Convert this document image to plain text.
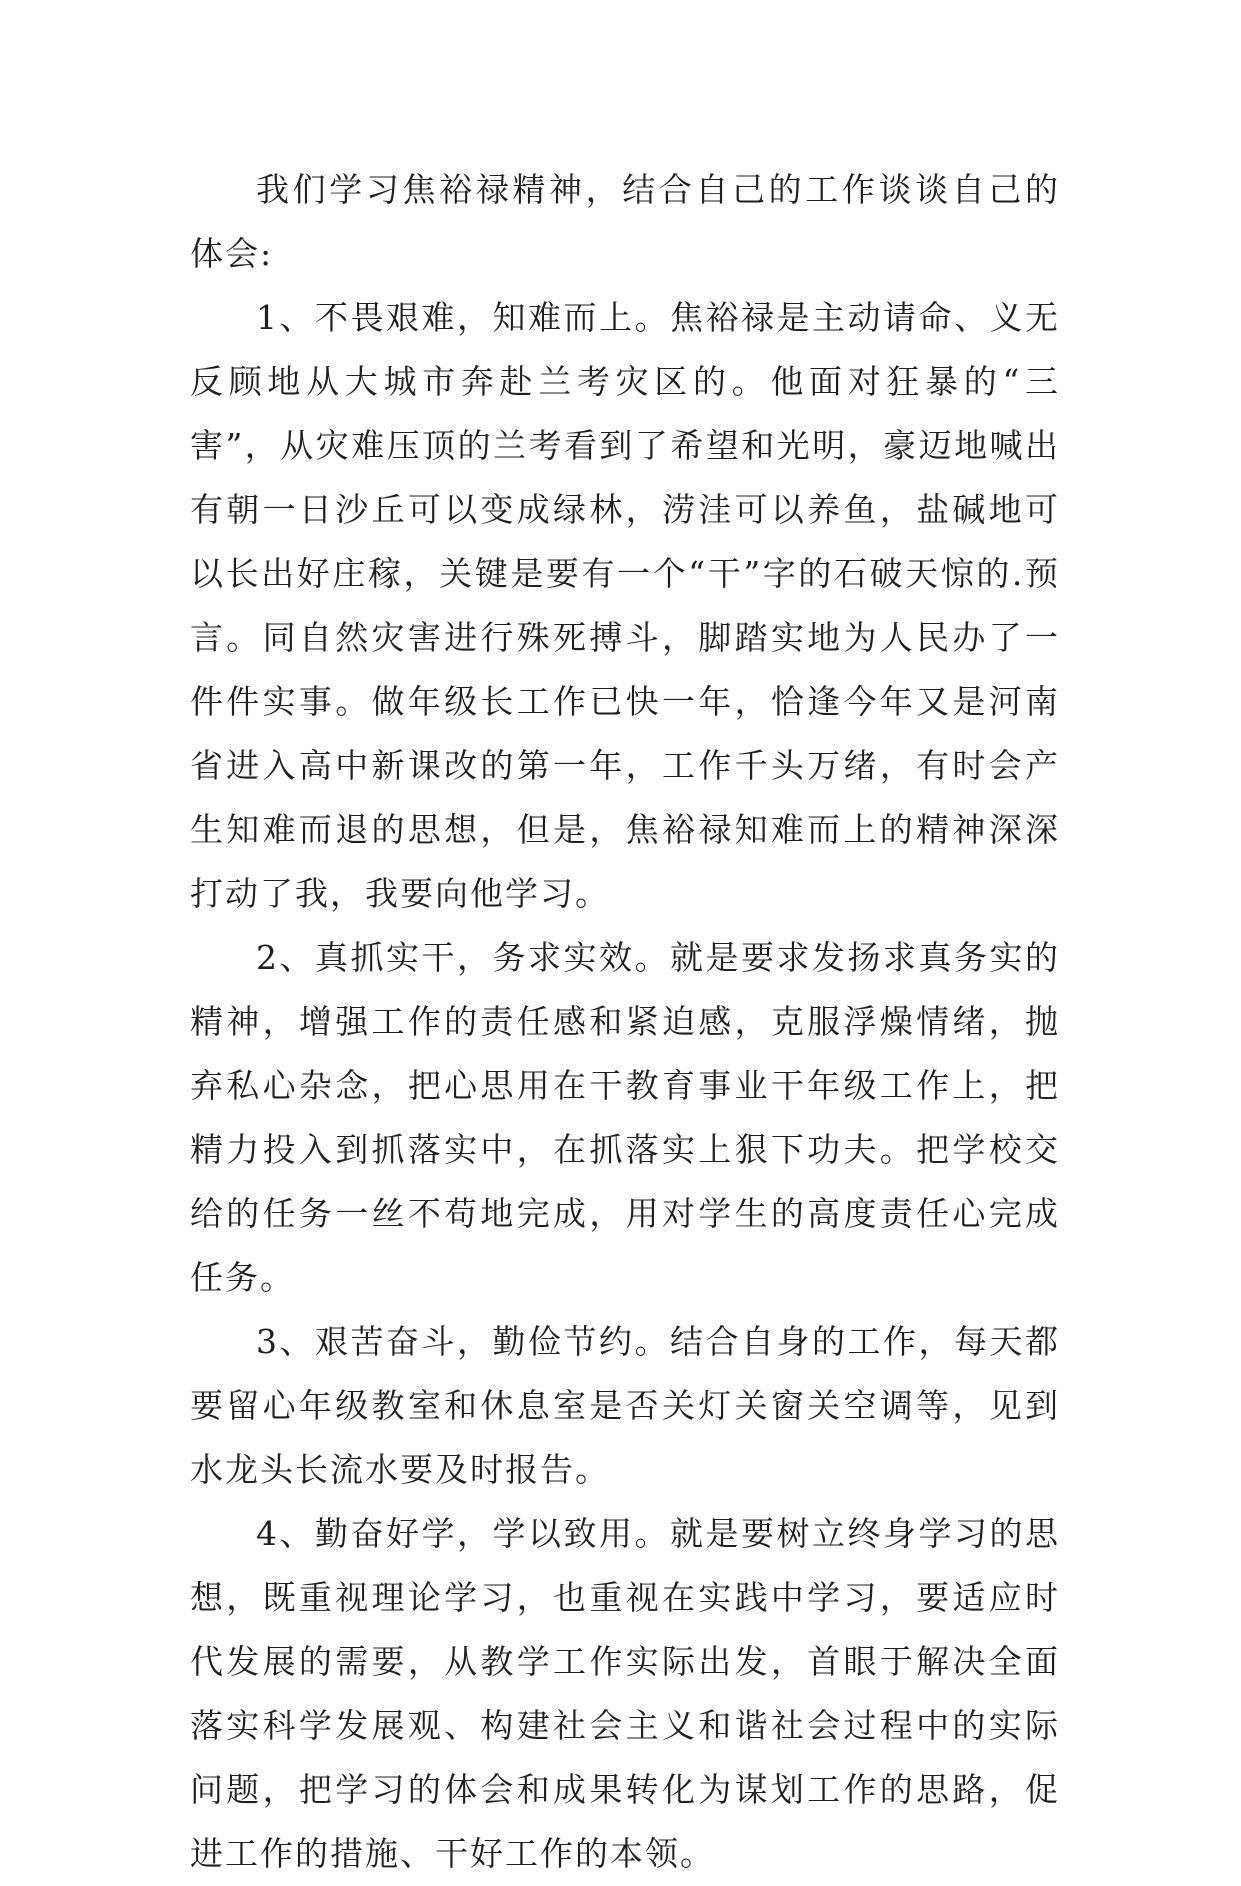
我们学习焦裕禄精神，结合自己的工作谈谈自己的体会:

1、不畏艰难，知难而上。焦裕禄是主动请命、义无反顾地从大城市奔赴兰考灾区的。他面对狂暴的“三害”，从灾难压顶的兰考看到了希望和光明，豪迈地喊出有朝一日沙丘可以变成绿林，涝洼可以养鱼，盐碱地可以长出好庄稼，关键是要有一个“干”字的石破天惊的.预言。同自然灾害进行殊死搏斗，脚踏实地为人民办了一件件实事。做年级长工作已快一年，恰逢今年又是河南省进入高中新课改的第一年，工作千头万绪，有时会产生知难而退的思想，但是，焦裕禄知难而上的精神深深打动了我，我要向他学习。

2、真抓实干，务求实效。就是要求发扬求真务实的精神，增强工作的责任感和紧迫感，克服浮燥情绪，抛弃私心杂念，把心思用在干教育事业干年级工作上，把精力投入到抓落实中，在抓落实上狠下功夫。把学校交给的任务一丝不苟地完成，用对学生的高度责任心完成任务。

3、艰苦奋斗，勤俭节约。结合自身的工作，每天都要留心年级教室和休息室是否关灯关窗关空调等，见到水龙头长流水要及时报告。

4、勤奋好学，学以致用。就是要树立终身学习的思想，既重视理论学习，也重视在实践中学习，要适应时代发展的需要，从教学工作实际出发，首眼于解决全面落实科学发展观、构建社会主义和谐社会过程中的实际问题，把学习的体会和成果转化为谋划工作的思路，促进工作的措施、干好工作的本领。
